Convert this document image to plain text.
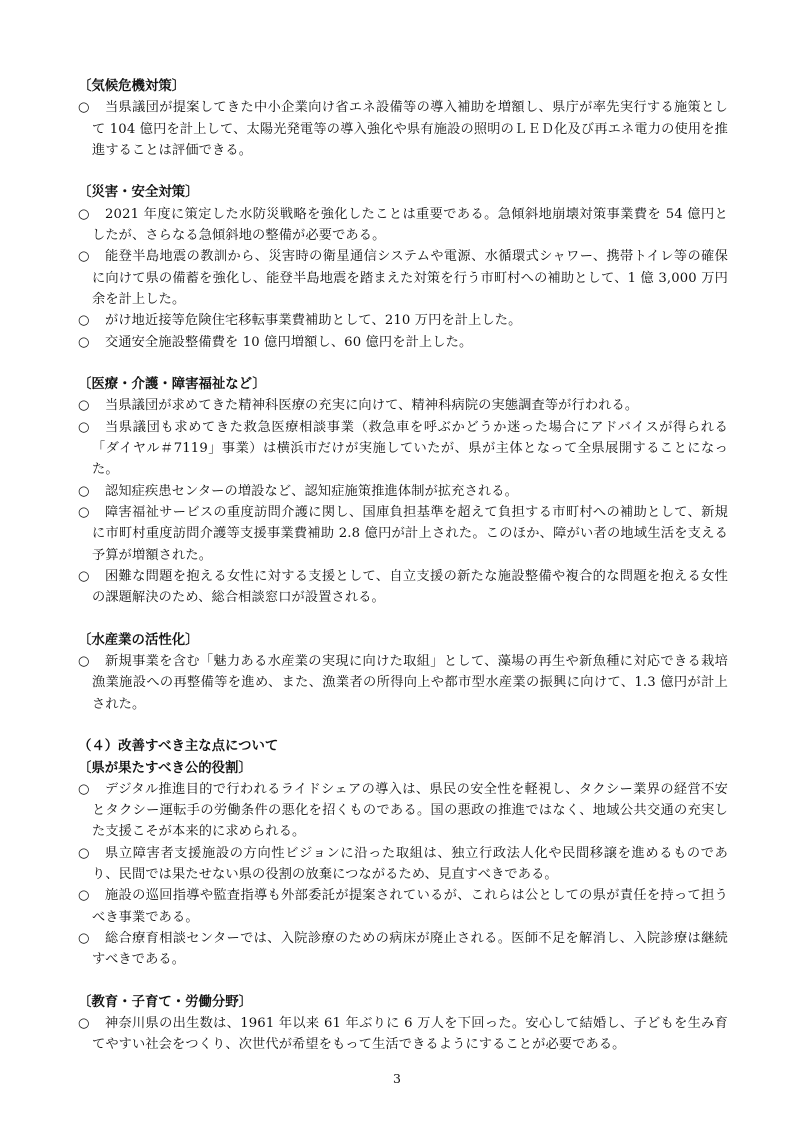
〔気候危機対策〕

○	当県議団が提案してきた中小企業向け省エネ設備等の導入補助を増額し、県庁が率先実行する施策として 104 億円を計上して、太陽光発電等の導入強化や県有施設の照明のＬＥＤ化及び再エネ電力の使用を推進することは評価できる。

〔災害・安全対策〕

○	2021 年度に策定した水防災戦略を強化したことは重要である。急傾斜地崩壊対策事業費を 54 億円としたが、さらなる急傾斜地の整備が必要である。
○	能登半島地震の教訓から、災害時の衛星通信システムや電源、水循環式シャワー、携帯トイレ等の確保に向けて県の備蓄を強化し、能登半島地震を踏まえた対策を行う市町村への補助として、1 億 3,000 万円余を計上した。
○	がけ地近接等危険住宅移転事業費補助として、210 万円を計上した。
○	交通安全施設整備費を 10 億円増額し、60 億円を計上した。

〔医療・介護・障害福祉など〕

○	当県議団が求めてきた精神科医療の充実に向けて、精神科病院の実態調査等が行われる。
○	当県議団も求めてきた救急医療相談事業（救急車を呼ぶかどうか迷った場合にアドバイスが得られる「ダイヤル＃7119」事業）は横浜市だけが実施していたが、県が主体となって全県展開することになった。
○	認知症疾患センターの増設など、認知症施策推進体制が拡充される。
○	障害福祉サービスの重度訪問介護に関し、国庫負担基準を超えて負担する市町村への補助として、新規に市町村重度訪問介護等支援事業費補助 2.8 億円が計上された。このほか、障がい者の地域生活を支える予算が増額された。
○	困難な問題を抱える女性に対する支援として、自立支援の新たな施設整備や複合的な問題を抱える女性の課題解決のため、総合相談窓口が設置される。

〔水産業の活性化〕

○	新規事業を含む「魅力ある水産業の実現に向けた取組」として、藻場の再生や新魚種に対応できる栽培漁業施設への再整備等を進め、また、漁業者の所得向上や都市型水産業の振興に向けて、1.3 億円が計上された。

（４）改善すべき主な点について

〔県が果たすべき公的役割〕

○	デジタル推進目的で行われるライドシェアの導入は、県民の安全性を軽視し、タクシー業界の経営不安とタクシー運転手の労働条件の悪化を招くものである。国の悪政の推進ではなく、地域公共交通の充実した支援こそが本来的に求められる。
○	県立障害者支援施設の方向性ビジョンに沿った取組は、独立行政法人化や民間移譲を進めるものであり、民間では果たせない県の役割の放棄につながるため、見直すべきである。
○	施設の巡回指導や監査指導も外部委託が提案されているが、これらは公としての県が責任を持って担うべき事業である。
○	総合療育相談センターでは、入院診療のための病床が廃止される。医師不足を解消し、入院診療は継続すべきである。

〔教育・子育て・労働分野〕

○	神奈川県の出生数は、1961 年以来 61 年ぶりに 6 万人を下回った。安心して結婚し、子どもを生み育てやすい社会をつくり、次世代が希望をもって生活できるようにすることが必要である。
3
